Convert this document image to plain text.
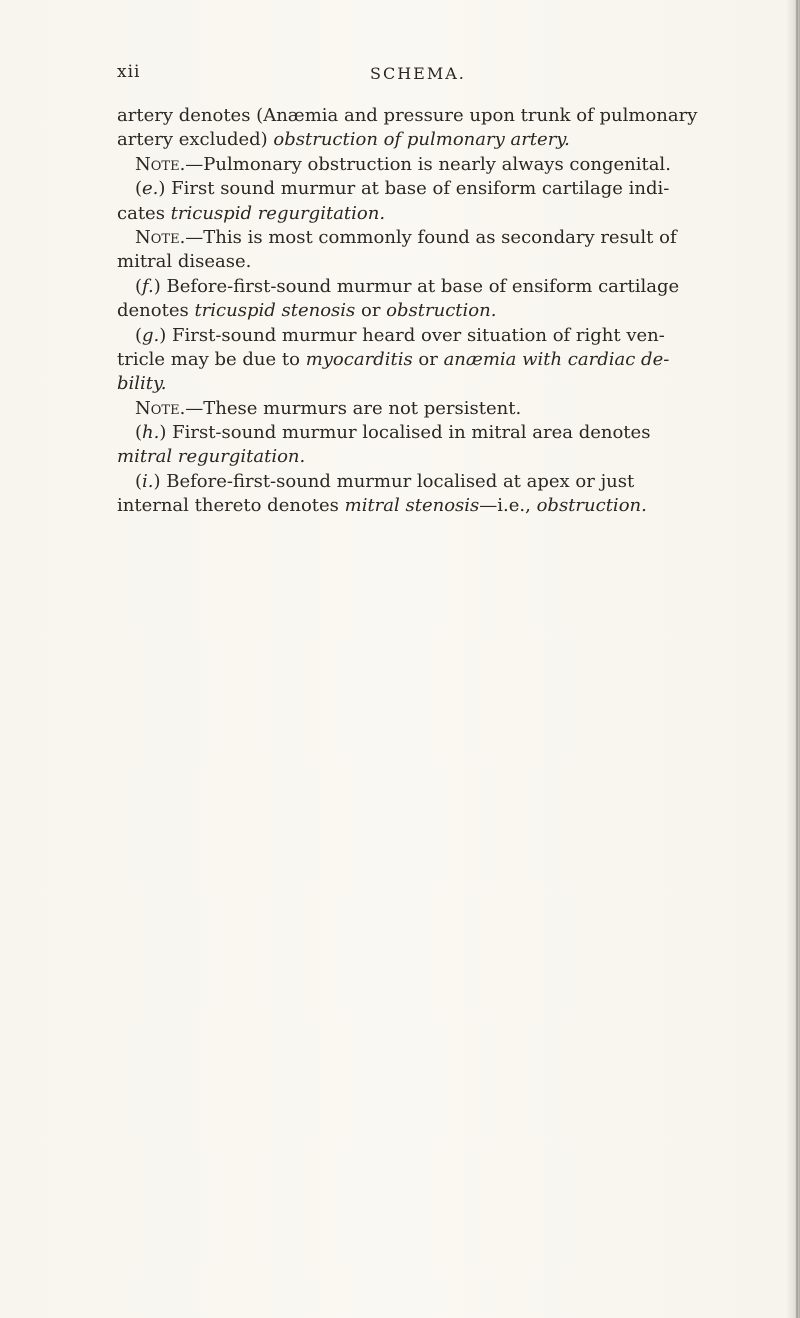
xii	SCHEMA.
artery denotes (Anæmia and pressure upon trunk of pulmonary
artery excluded) obstruction of pulmonary artery.
 Note.—Pulmonary obstruction is nearly always congenital.
 (e.) First sound murmur at base of ensiform cartilage indi-
cates tricuspid regurgitation.
 Note.—This is most commonly found as secondary result of
mitral disease.
 (f.) Before-first-sound murmur at base of ensiform cartilage
denotes tricuspid stenosis or obstruction.
 (g.) First-sound murmur heard over situation of right ven-
tricle may be due to myocarditis or anæmia with cardiac de-
bility.
 Note.—These murmurs are not persistent.
 (h.) First-sound murmur localised in mitral area denotes
mitral regurgitation.
 (i.) Before-first-sound murmur localised at apex or just
internal thereto denotes mitral stenosis—i.e., obstruction.
